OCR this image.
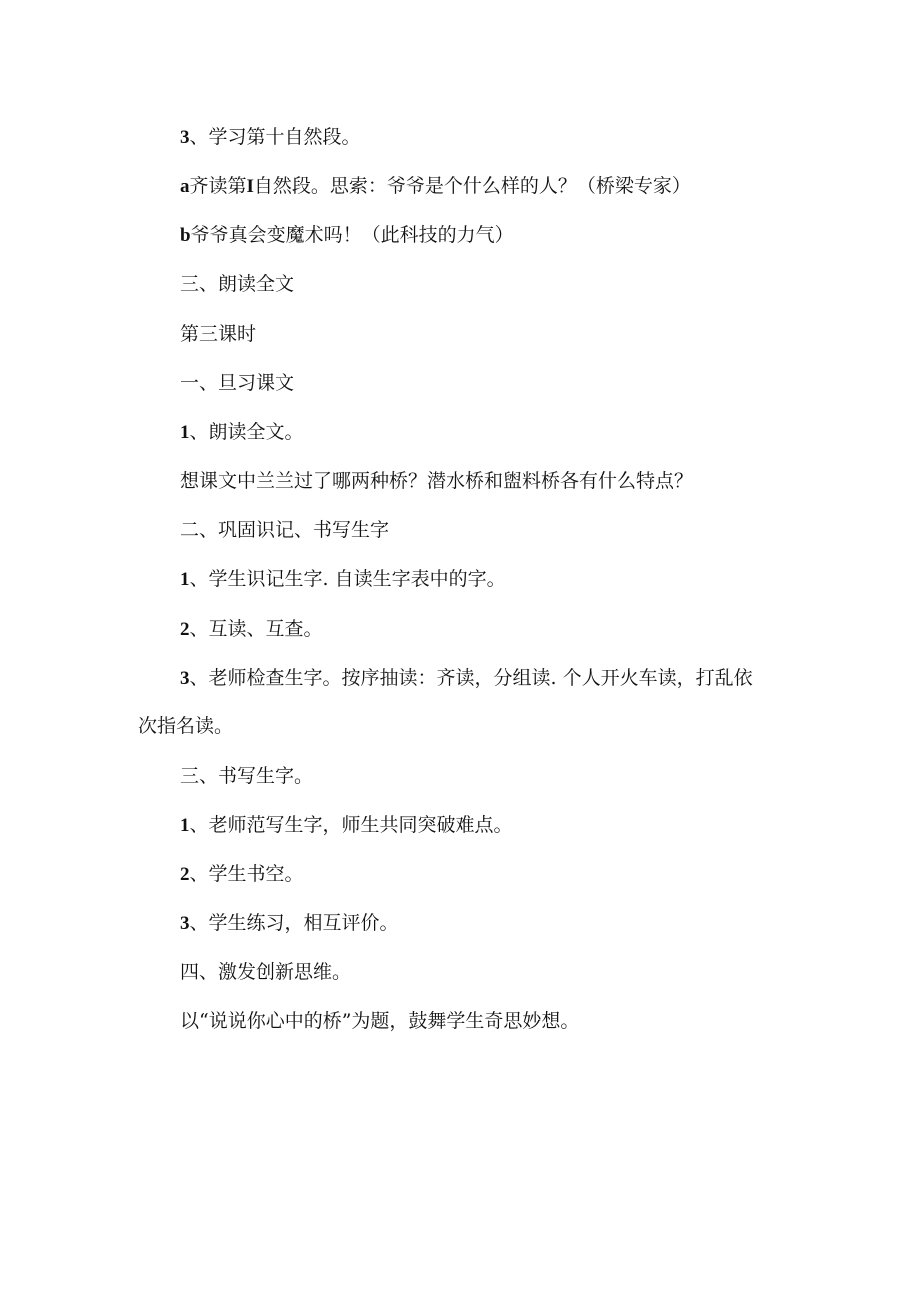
3、学习第十自然段。
a齐读第I自然段。思索：爷爷是个什么样的人？（桥梁专家）
b爷爷真会变魔术吗！（此科技的力气）
三、朗读全文
第三课时
一、旦习课文
1、朗读全文。
想课文中兰兰过了哪两种桥？潜水桥和盥料桥各有什么特点？
二、巩固识记、书写生字
1、学生识记生字. 自读生字表中的字。
2、互读、互查。
3、老师检查生字。按序抽读：齐读，分组读. 个人开火车读，打乱依
次指名读。
三、书写生字。
1、老师范写生字，师生共同突破难点。
2、学生书空。
3、学生练习，相互评价。
四、激发创新思维。
以“说说你心中的桥”为题，鼓舞学生奇思妙想。
